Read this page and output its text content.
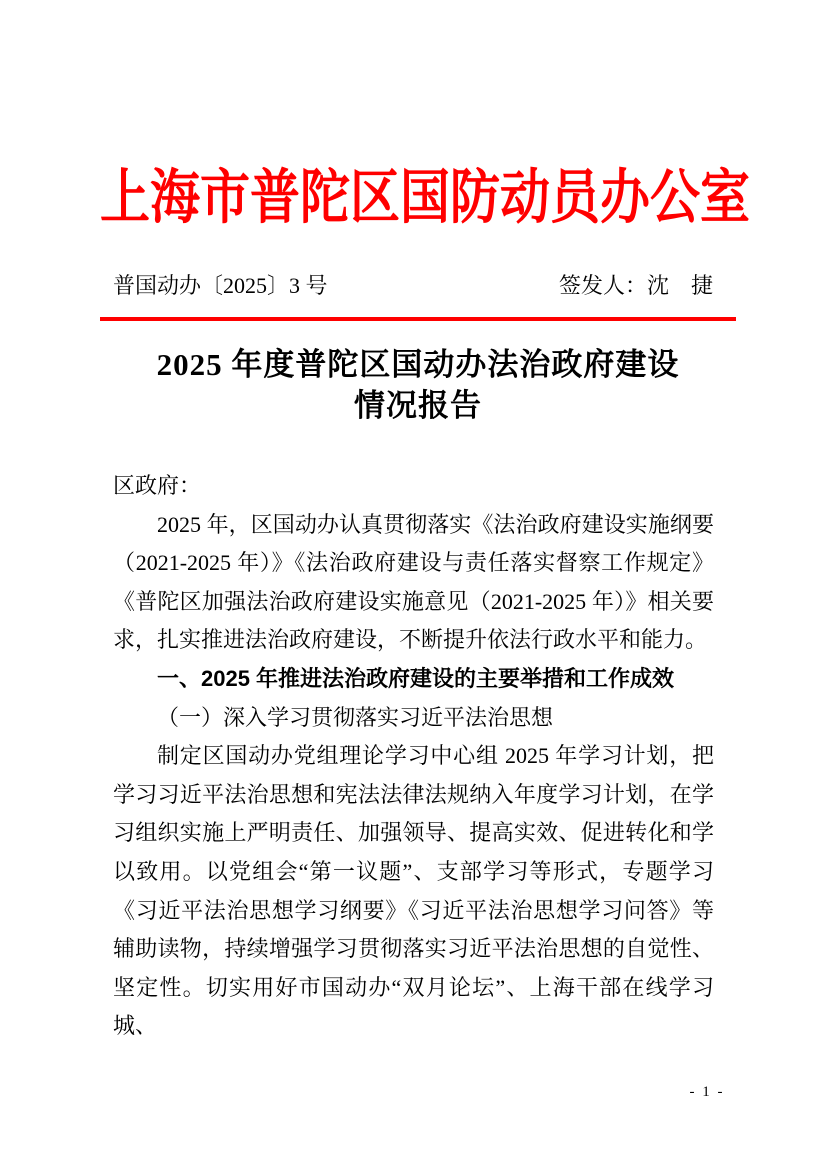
上海市普陀区国防动员办公室
普国动办〔2025〕3 号	签发人：沈　捷
2025 年度普陀区国动办法治政府建设
情况报告

区政府：

2025 年，区国动办认真贯彻落实《法治政府建设实施纲要（2021-2025 年）》《法治政府建设与责任落实督察工作规定》《普陀区加强法治政府建设实施意见（2021-2025 年）》相关要求，扎实推进法治政府建设，不断提升依法行政水平和能力。

一、2025 年推进法治政府建设的主要举措和工作成效

（一）深入学习贯彻落实习近平法治思想

制定区国动办党组理论学习中心组 2025 年学习计划，把学习习近平法治思想和宪法法律法规纳入年度学习计划，在学习组织实施上严明责任、加强领导、提高实效、促进转化和学以致用。以党组会“第一议题”、支部学习等形式，专题学习《习近平法治思想学习纲要》《习近平法治思想学习问答》等辅助读物，持续增强学习贯彻落实习近平法治思想的自觉性、坚定性。切实用好市国动办“双月论坛”、上海干部在线学习城、

- 1 -
